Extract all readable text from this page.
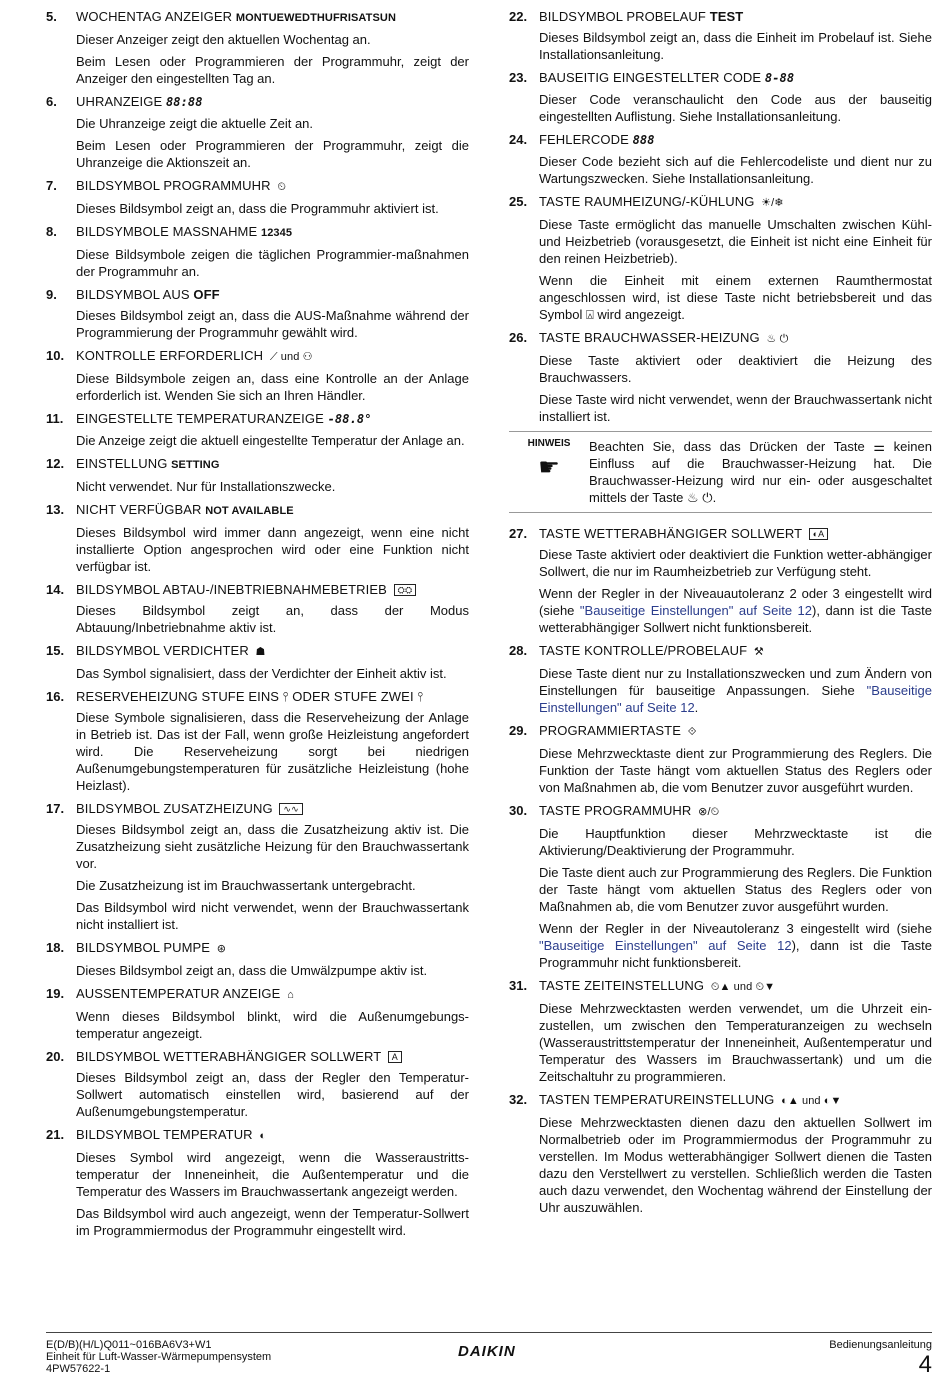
5.	WOCHENTAG ANZEIGER MONTUEWEDTHUFRISATSUN
Dieser Anzeiger zeigt den aktuellen Wochentag an.
Beim Lesen oder Programmieren der Programmuhr, zeigt der Anzeiger den eingestellten Tag an.
6.	UHRANZEIGE 88:88
Die Uhranzeige zeigt die aktuelle Zeit an.
Beim Lesen oder Programmieren der Programmuhr, zeigt die Uhranzeige die Aktionszeit an.
7.	BILDSYMBOL PROGRAMMUHR ⏲
Dieses Bildsymbol zeigt an, dass die Programmuhr aktiviert ist.
8.	BILDSYMBOLE MASSNAHME 12345
Diese Bildsymbole zeigen die täglichen Programmier-maßnahmen der Programmuhr an.
9.	BILDSYMBOL AUS OFF
Dieses Bildsymbol zeigt an, dass die AUS-Maßnahme während der Programmierung der Programmuhr gewählt wird.
10. KONTROLLE ERFORDERLICH ⟋ und ⚇
Diese Bildsymbole zeigen an, dass eine Kontrolle an der Anlage erforderlich ist. Wenden Sie sich an Ihren Händler.
11. EINGESTELLTE TEMPERATURANZEIGE -88.8°
Die Anzeige zeigt die aktuell eingestellte Temperatur der Anlage an.
12. EINSTELLUNG SETTING
Nicht verwendet. Nur für Installationszwecke.
13. NICHT VERFÜGBAR NOT AVAILABLE
Dieses Bildsymbol wird immer dann angezeigt, wenn eine nicht installierte Option angesprochen wird oder eine Funktion nicht verfügbar ist.
14. BILDSYMBOL ABTAU-/INEBTRIEBNAHMEBETRIEB ⛭⛭
Dieses Bildsymbol zeigt an, dass der Modus Abtauung/Inbetriebnahme aktiv ist.
15. BILDSYMBOL VERDICHTER ☗
Das Symbol signalisiert, dass der Verdichter der Einheit aktiv ist.
16. RESERVEHEIZUNG STUFE EINS ⫯ ODER STUFE ZWEI ⫯
Diese Symbole signalisieren, dass die Reserveheizung der Anlage in Betrieb ist. Das ist der Fall, wenn große Heizleistung angefordert wird. Die Reserveheizung sorgt bei niedrigen Außenumgebungstemperaturen für zusätzliche Heizleistung (hohe Heizlast).
17. BILDSYMBOL ZUSATZHEIZUNG ∿∿
Dieses Bildsymbol zeigt an, dass die Zusatzheizung aktiv ist. Die Zusatzheizung sieht zusätzliche Heizung für den Brauchwassertank vor.
Die Zusatzheizung ist im Brauchwassertank untergebracht.
Das Bildsymbol wird nicht verwendet, wenn der Brauchwassertank nicht installiert ist.
18. BILDSYMBOL PUMPE ⊛
Dieses Bildsymbol zeigt an, dass die Umwälzpumpe aktiv ist.
19. AUSSENTEMPERATUR ANZEIGE ⌂
Wenn dieses Bildsymbol blinkt, wird die Außenumgebungs-temperatur angezeigt.
20. BILDSYMBOL WETTERABHÄNGIGER SOLLWERT A
Dieses Bildsymbol zeigt an, dass der Regler den Temperatur-Sollwert automatisch einstellen wird, basierend auf der Außenumgebungstemperatur.
21. BILDSYMBOL TEMPERATUR ◐
Dieses Symbol wird angezeigt, wenn die Wasseraustritts-temperatur der Inneneinheit, die Außentemperatur und die Temperatur des Wassers im Brauchwassertank angezeigt werden.
Das Bildsymbol wird auch angezeigt, wenn der Temperatur-Sollwert im Programmiermodus der Programmuhr eingestellt wird.
22. BILDSYMBOL PROBELAUF TEST
Dieses Bildsymbol zeigt an, dass die Einheit im Probelauf ist. Siehe Installationsanleitung.
23. BAUSEITIG EINGESTELLTER CODE 8-88
Dieser Code veranschaulicht den Code aus der bauseitig eingestellten Auflistung. Siehe Installationsanleitung.
24. FEHLERCODE 888
Dieser Code bezieht sich auf die Fehlercodeliste und dient nur zu Wartungszwecken. Siehe Installationsanleitung.
25. TASTE RAUMHEIZUNG/-KÜHLUNG ☀/❄
Diese Taste ermöglicht das manuelle Umschalten zwischen Kühl- und Heizbetrieb (vorausgesetzt, die Einheit ist nicht eine Einheit für den reinen Heizbetrieb).
Wenn die Einheit mit einem externen Raumthermostat angeschlossen wird, ist diese Taste nicht betriebsbereit und das Symbol ⍓ wird angezeigt.
26. TASTE BRAUCHWASSER-HEIZUNG ♨ ⏻
Diese Taste aktiviert oder deaktiviert die Heizung des Brauchwassers.
Diese Taste wird nicht verwendet, wenn der Brauchwassertank nicht installiert ist.
HINWEIS
☛
Beachten Sie, dass das Drücken der Taste ⚌ keinen Einfluss auf die Brauchwasser-Heizung hat. Die Brauchwasser-Heizung wird nur ein- oder ausgeschaltet mittels der Taste ♨ ⏻.
27. TASTE WETTERABHÄNGIGER SOLLWERT ◐A
Diese Taste aktiviert oder deaktiviert die Funktion wetter-abhängiger Sollwert, die nur im Raumheizbetrieb zur Verfügung steht.
Wenn der Regler in der Niveauautoleranz 2 oder 3 eingestellt wird (siehe "Bauseitige Einstellungen" auf Seite 12), dann ist die Taste wetterabhängiger Sollwert nicht funktionsbereit.
28. TASTE KONTROLLE/PROBELAUF ⚒
Diese Taste dient nur zu Installationszwecken und zum Ändern von Einstellungen für bauseitige Anpassungen. Siehe "Bauseitige Einstellungen" auf Seite 12.
29. PROGRAMMIERTASTE ⟐
Diese Mehrzwecktaste dient zur Programmierung des Reglers. Die Funktion der Taste hängt vom aktuellen Status des Reglers oder von Maßnahmen ab, die vom Benutzer zuvor ausgeführt wurden.
30. TASTE PROGRAMMUHR ⊗/⏲
Die Hauptfunktion dieser Mehrzwecktaste ist die Aktivierung/Deaktivierung der Programmuhr.
Die Taste dient auch zur Programmierung des Reglers. Die Funktion der Taste hängt vom aktuellen Status des Reglers oder von Maßnahmen ab, die vom Benutzer zuvor ausgeführt wurden.
Wenn der Regler in der Niveautoleranz 3 eingestellt wird (siehe "Bauseitige Einstellungen" auf Seite 12), dann ist die Taste Programmuhr nicht funktionsbereit.
31. TASTE ZEITEINSTELLUNG ⏲▲ und ⏲▼
Diese Mehrzwecktasten werden verwendet, um die Uhrzeit ein-zustellen, um zwischen den Temperaturanzeigen zu wechseln (Wasseraustrittstemperatur der Inneneinheit, Außentemperatur und Temperatur des Wassers im Brauchwassertank) und um die Zeitschaltuhr zu programmieren.
32. TASTEN TEMPERATUREINSTELLUNG ◐▲ und ◐▼
Diese Mehrzwecktasten dienen dazu den aktuellen Sollwert im Normalbetrieb oder im Programmiermodus der Programmuhr zu verstellen. Im Modus wetterabhängiger Sollwert dienen die Tasten dazu den Verstellwert zu verstellen. Schließlich werden die Tasten auch dazu verwendet, den Wochentag während der Einstellung der Uhr auszuwählen.
E(D/B)(H/L)Q011~016BA6V3+W1
Einheit für Luft-Wasser-Wärmepumpensystem
4PW57622-1
DAIKIN	Bedienungsanleitung
4
